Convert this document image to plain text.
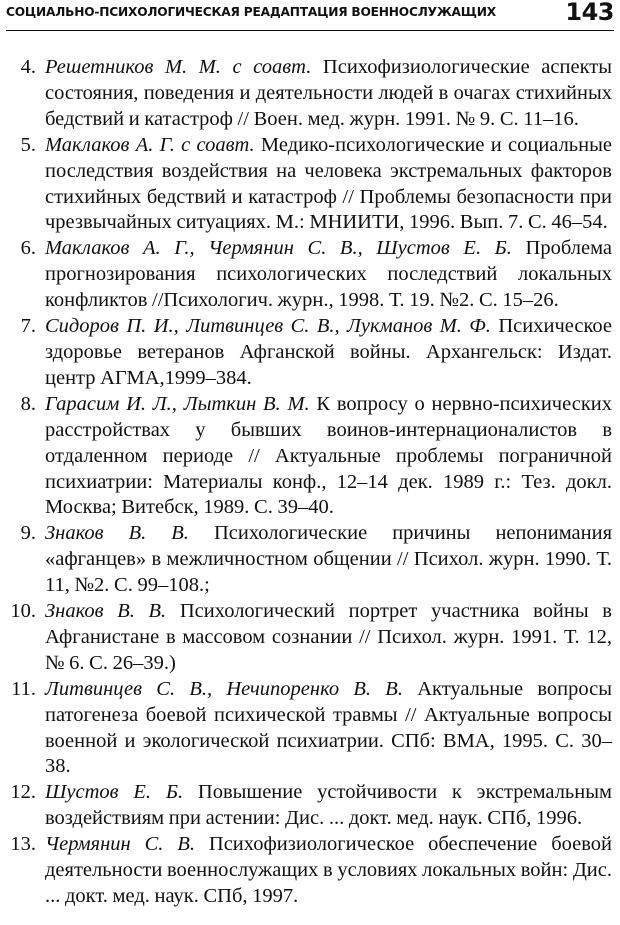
СОЦИАЛЬНО-ПСИХОЛОГИЧЕСКАЯ РЕАДАПТАЦИЯ ВОЕННОСЛУЖАЩИХ	143
4. Решетников М. М. с соавт. Психофизиологические аспекты состояния, поведения и деятельности людей в очагах стихийных бедствий и катастроф // Воен. мед. журн. 1991. № 9. С. 11–16.
5. Маклаков А. Г. с соавт. Медико-психологические и социальные последствия воздействия на человека экстремальных факторов стихийных бедствий и катастроф // Проблемы безопасности при чрезвычайных ситуациях. М.: МНИИТИ, 1996. Вып. 7. С. 46–54.
6. Маклаков А. Г., Чермянин С. В., Шустов Е. Б. Проблема прогнозирования психологических последствий локальных конфликтов //Психологич. журн., 1998. Т. 19. №2. С. 15–26.
7. Сидоров П. И., Литвинцев С. В., Лукманов М. Ф. Психическое здоровье ветеранов Афганской войны. Архангельск: Издат. центр АГМА,1999–384.
8. Гарасим И. Л., Лыткин В. М. К вопросу о нервно-психических расстройствах у бывших воинов-интернационалистов в отдаленном периоде // Актуальные проблемы пограничной психиатрии: Материалы конф., 12–14 дек. 1989 г.: Тез. докл. Москва; Витебск, 1989. С. 39–40.
9. Знаков В. В. Психологические причины непонимания «афганцев» в межличностном общении // Психол. журн. 1990. Т. 11, №2. С. 99–108.;
10. Знаков В. В. Психологический портрет участника войны в Афганистане в массовом сознании // Психол. журн. 1991. Т. 12, № 6. С. 26–39.)
11. Литвинцев С. В., Нечипоренко В. В. Актуальные вопросы патогенеза боевой психической травмы // Актуальные вопросы военной и экологической психиатрии. СПб: ВМА, 1995. С. 30–38.
12. Шустов Е. Б. Повышение устойчивости к экстремальным воздействиям при астении: Дис. ... докт. мед. наук. СПб, 1996.
13. Чермянин С. В. Психофизиологическое обеспечение боевой деятельности военнослужащих в условиях локальных войн: Дис. ... докт. мед. наук. СПб, 1997.
